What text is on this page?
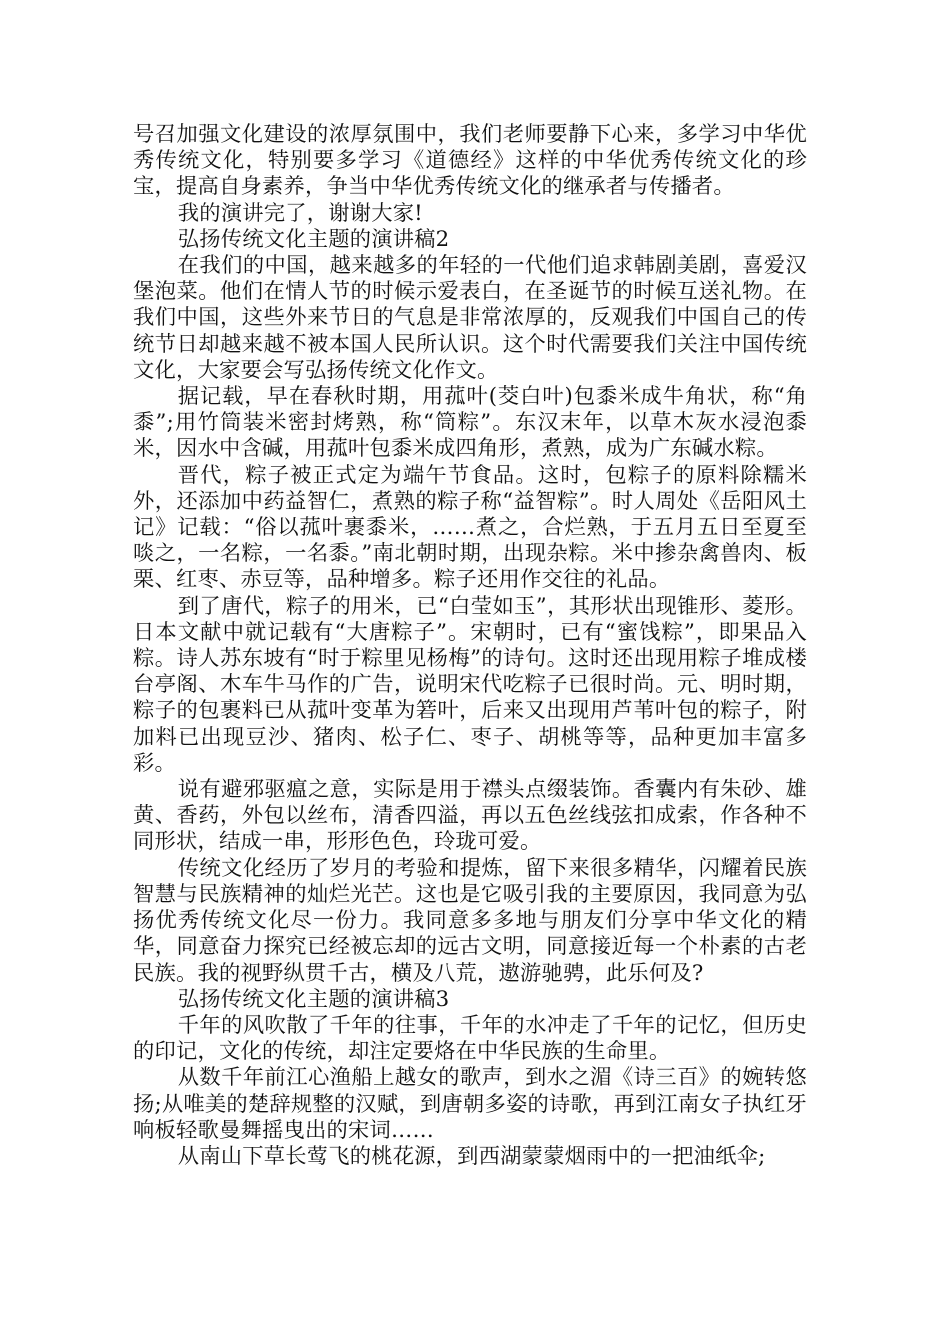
号召加强文化建设的浓厚氛围中，我们老师要静下心来，多学习中华优秀传统文化，特别要多学习《道德经》这样的中华优秀传统文化的珍宝，提高自身素养，争当中华优秀传统文化的继承者与传播者。

我的演讲完了，谢谢大家!

弘扬传统文化主题的演讲稿2

在我们的中国，越来越多的年轻的一代他们追求韩剧美剧，喜爱汉堡泡菜。他们在情人节的时候示爱表白，在圣诞节的时候互送礼物。在我们中国，这些外来节日的气息是非常浓厚的，反观我们中国自己的传统节日却越来越不被本国人民所认识。这个时代需要我们关注中国传统文化，大家要会写弘扬传统文化作文。

据记载，早在春秋时期，用菰叶(茭白叶)包黍米成牛角状，称“角黍”;用竹筒装米密封烤熟，称“筒粽”。东汉末年，以草木灰水浸泡黍米，因水中含碱，用菰叶包黍米成四角形，煮熟，成为广东碱水粽。

晋代，粽子被正式定为端午节食品。这时，包粽子的原料除糯米外，还添加中药益智仁，煮熟的粽子称“益智粽”。时人周处《岳阳风土记》记载：“俗以菰叶裹黍米，……煮之，合烂熟，于五月五日至夏至啖之，一名粽，一名黍。”南北朝时期，出现杂粽。米中掺杂禽兽肉、板栗、红枣、赤豆等，品种增多。粽子还用作交往的礼品。

到了唐代，粽子的用米，已“白莹如玉”，其形状出现锥形、菱形。日本文献中就记载有“大唐粽子”。宋朝时，已有“蜜饯粽”，即果品入粽。诗人苏东坡有“时于粽里见杨梅”的诗句。这时还出现用粽子堆成楼台亭阁、木车牛马作的广告，说明宋代吃粽子已很时尚。元、明时期，粽子的包裹料已从菰叶变革为箬叶，后来又出现用芦苇叶包的粽子，附加料已出现豆沙、猪肉、松子仁、枣子、胡桃等等，品种更加丰富多彩。

说有避邪驱瘟之意，实际是用于襟头点缀装饰。香囊内有朱砂、雄黄、香药，外包以丝布，清香四溢，再以五色丝线弦扣成索，作各种不同形状，结成一串，形形色色，玲珑可爱。

传统文化经历了岁月的考验和提炼，留下来很多精华，闪耀着民族智慧与民族精神的灿烂光芒。这也是它吸引我的主要原因，我同意为弘扬优秀传统文化尽一份力。我同意多多地与朋友们分享中华文化的精华，同意奋力探究已经被忘却的远古文明，同意接近每一个朴素的古老民族。我的视野纵贯千古，横及八荒，遨游驰骋，此乐何及?

弘扬传统文化主题的演讲稿3

千年的风吹散了千年的往事，千年的水冲走了千年的记忆，但历史的印记，文化的传统，却注定要烙在中华民族的生命里。

从数千年前江心渔船上越女的歌声，到水之湄《诗三百》的婉转悠扬;从唯美的楚辞规整的汉赋，到唐朝多姿的诗歌，再到江南女子执红牙响板轻歌曼舞摇曳出的宋词……

从南山下草长莺飞的桃花源，到西湖蒙蒙烟雨中的一把油纸伞;
